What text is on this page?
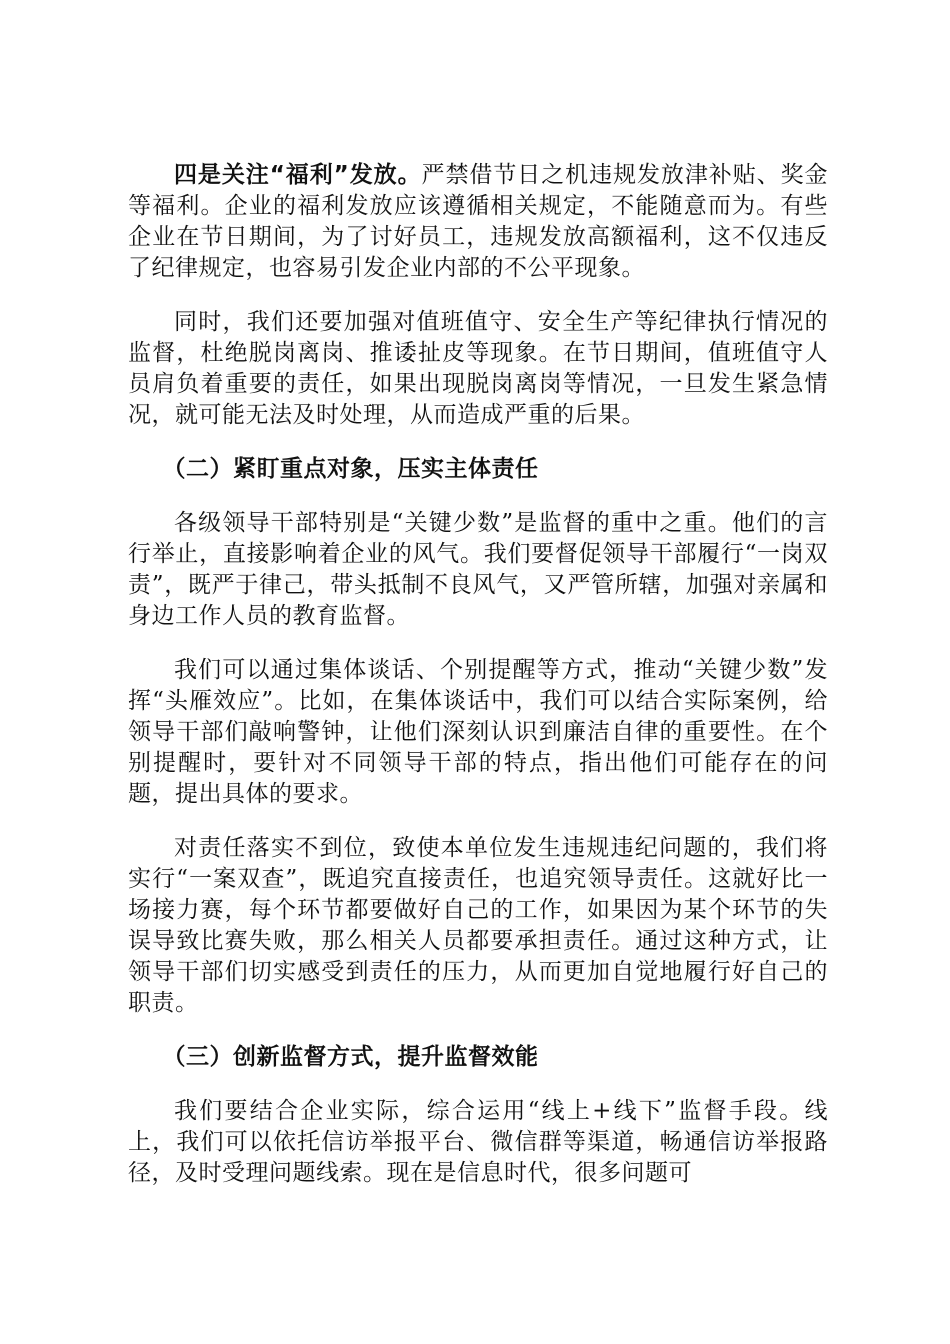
四是关注“福利”发放。严禁借节日之机违规发放津补贴、奖金等福利。企业的福利发放应该遵循相关规定，不能随意而为。有些企业在节日期间，为了讨好员工，违规发放高额福利，这不仅违反了纪律规定，也容易引发企业内部的不公平现象。

同时，我们还要加强对值班值守、安全生产等纪律执行情况的监督，杜绝脱岗离岗、推诿扯皮等现象。在节日期间，值班值守人员肩负着重要的责任，如果出现脱岗离岗等情况，一旦发生紧急情况，就可能无法及时处理，从而造成严重的后果。

（二）紧盯重点对象，压实主体责任

各级领导干部特别是“关键少数”是监督的重中之重。他们的言行举止，直接影响着企业的风气。我们要督促领导干部履行“一岗双责”，既严于律己，带头抵制不良风气，又严管所辖，加强对亲属和身边工作人员的教育监督。

我们可以通过集体谈话、个别提醒等方式，推动“关键少数”发挥“头雁效应”。比如，在集体谈话中，我们可以结合实际案例，给领导干部们敲响警钟，让他们深刻认识到廉洁自律的重要性。在个别提醒时，要针对不同领导干部的特点，指出他们可能存在的问题，提出具体的要求。

对责任落实不到位，致使本单位发生违规违纪问题的，我们将实行“一案双查”，既追究直接责任，也追究领导责任。这就好比一场接力赛，每个环节都要做好自己的工作，如果因为某个环节的失误导致比赛失败，那么相关人员都要承担责任。通过这种方式，让领导干部们切实感受到责任的压力，从而更加自觉地履行好自己的职责。

（三）创新监督方式，提升监督效能

我们要结合企业实际，综合运用“线上+线下”监督手段。线上，我们可以依托信访举报平台、微信群等渠道，畅通信访举报路径，及时受理问题线索。现在是信息时代，很多问题可
